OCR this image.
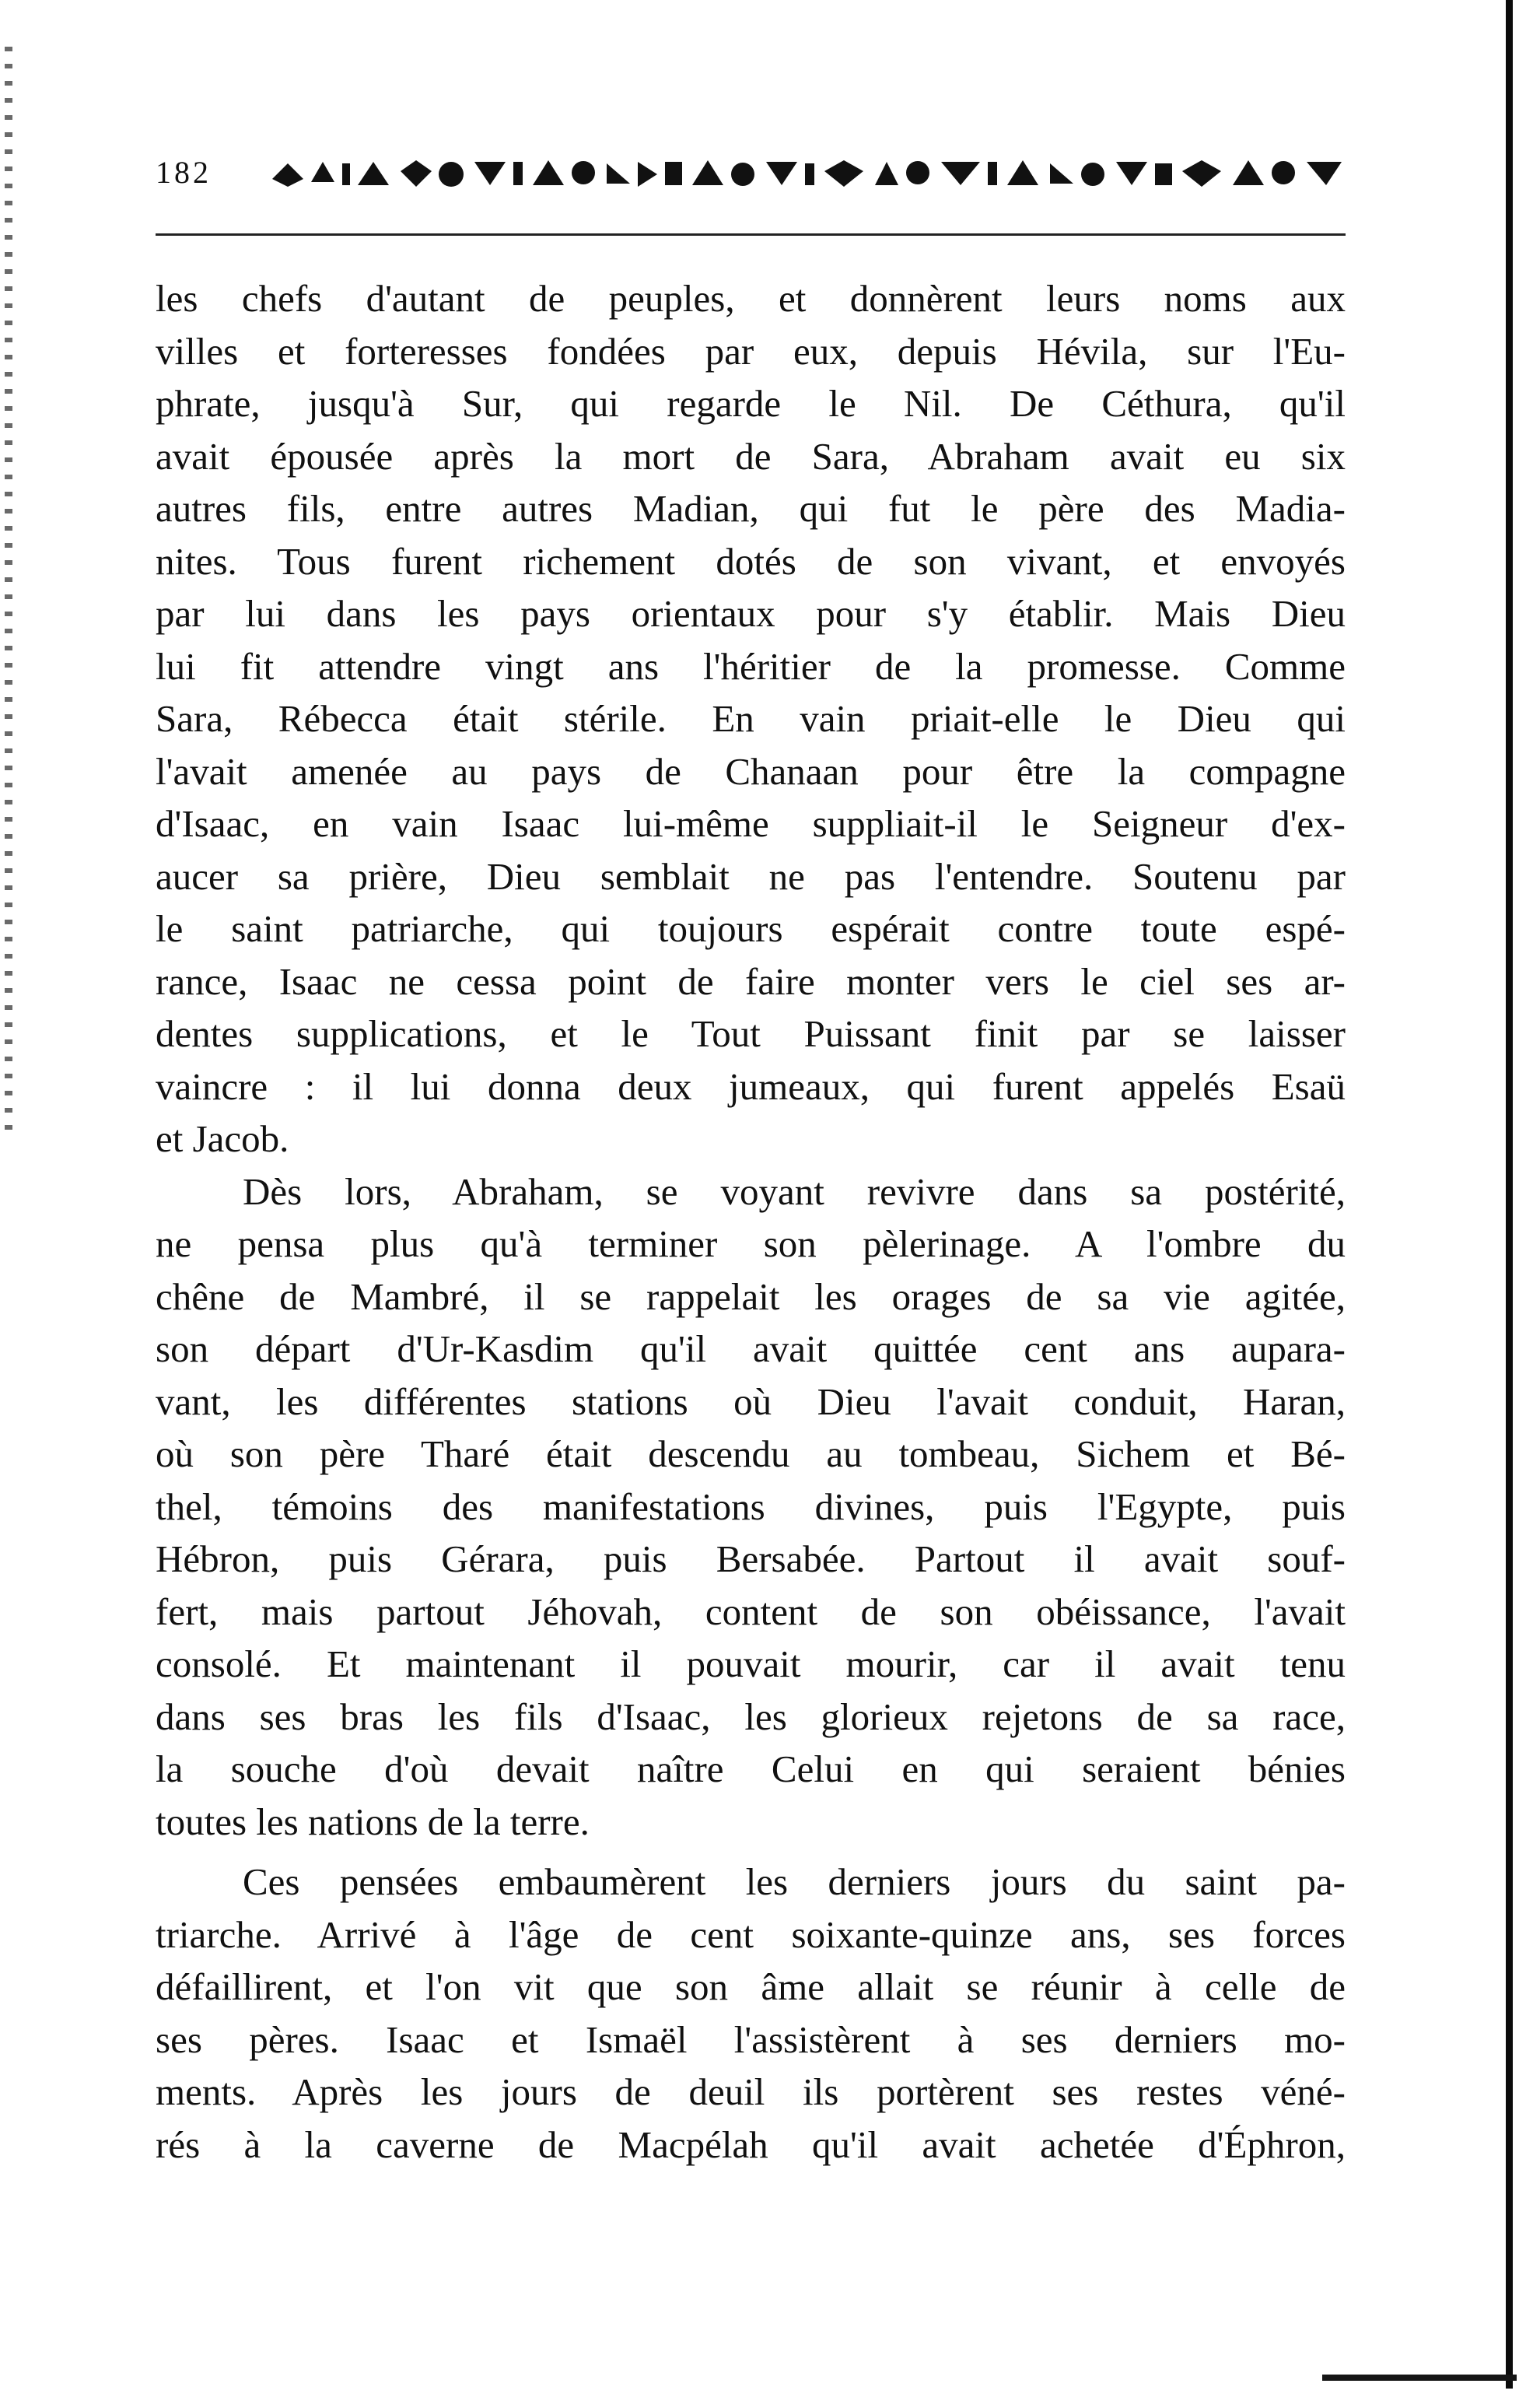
182
les chefs d'autant de peuples, et donnèrent leurs noms aux
villes et forteresses fondées par eux, depuis Hévila, sur l'Eu-
phrate, jusqu'à Sur, qui regarde le Nil. De Céthura, qu'il
avait épousée après la mort de Sara, Abraham avait eu six
autres fils, entre autres Madian, qui fut le père des Madia-
nites. Tous furent richement dotés de son vivant, et envoyés
par lui dans les pays orientaux pour s'y établir. Mais Dieu
lui fit attendre vingt ans l'héritier de la promesse. Comme
Sara, Rébecca était stérile. En vain priait-elle le Dieu qui
l'avait amenée au pays de Chanaan pour être la compagne
d'Isaac, en vain Isaac lui-même suppliait-il le Seigneur d'ex-
aucer sa prière, Dieu semblait ne pas l'entendre. Soutenu par
le saint patriarche, qui toujours espérait contre toute espé-
rance, Isaac ne cessa point de faire monter vers le ciel ses ar-
dentes supplications, et le Tout Puissant finit par se laisser
vaincre : il lui donna deux jumeaux, qui furent appelés Esaü
et Jacob.
Dès lors, Abraham, se voyant revivre dans sa postérité,
ne pensa plus qu'à terminer son pèlerinage. A l'ombre du
chêne de Mambré, il se rappelait les orages de sa vie agitée,
son départ d'Ur-Kasdim qu'il avait quittée cent ans aupara-
vant, les différentes stations où Dieu l'avait conduit, Haran,
où son père Tharé était descendu au tombeau, Sichem et Bé-
thel, témoins des manifestations divines, puis l'Egypte, puis
Hébron, puis Gérara, puis Bersabée. Partout il avait souf-
fert, mais partout Jéhovah, content de son obéissance, l'avait
consolé. Et maintenant il pouvait mourir, car il avait tenu
dans ses bras les fils d'Isaac, les glorieux rejetons de sa race,
la souche d'où devait naître Celui en qui seraient bénies
toutes les nations de la terre.
Ces pensées embaumèrent les derniers jours du saint pa-
triarche. Arrivé à l'âge de cent soixante-quinze ans, ses forces
défaillirent, et l'on vit que son âme allait se réunir à celle de
ses pères. Isaac et Ismaël l'assistèrent à ses derniers mo-
ments. Après les jours de deuil ils portèrent ses restes véné-
rés à la caverne de Macpélah qu'il avait achetée d'Éphron,
